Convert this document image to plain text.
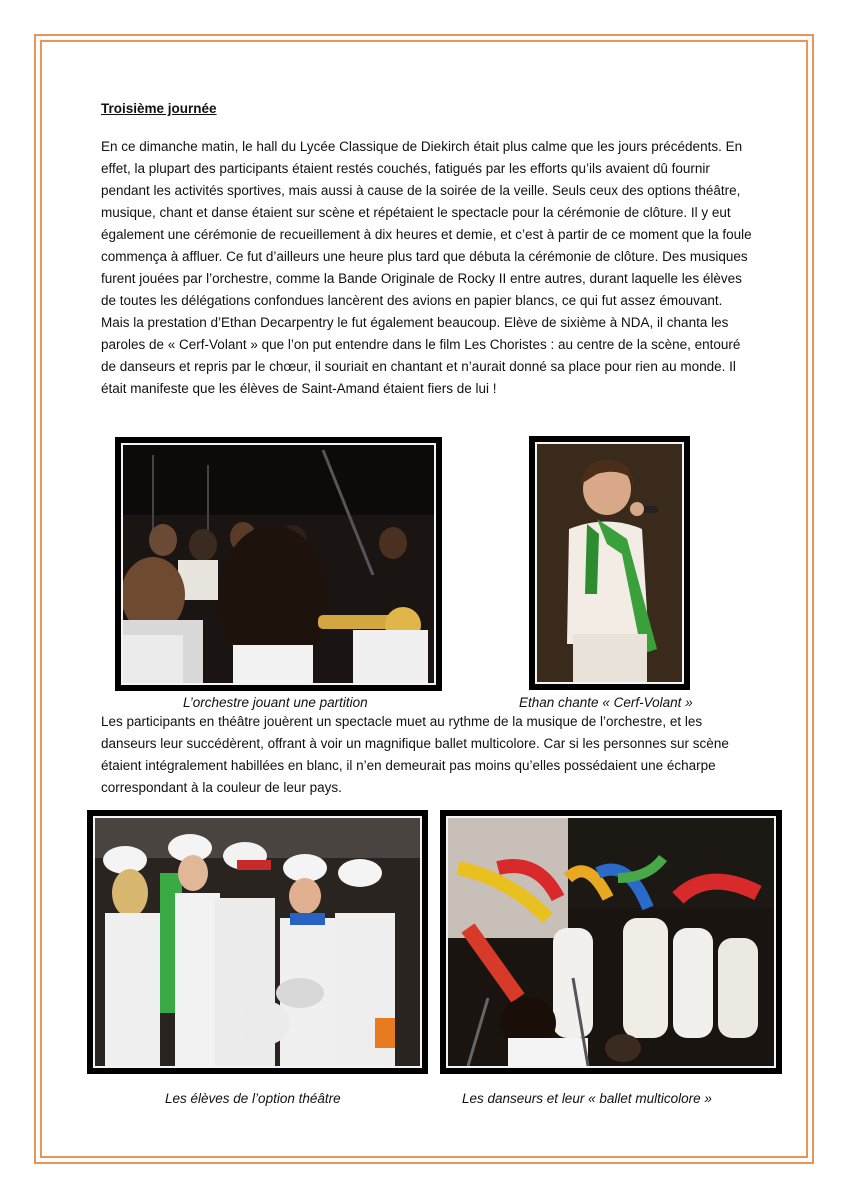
Troisième journée

En ce dimanche matin, le hall du Lycée Classique de Diekirch était plus calme que les jours précédents. En effet, la plupart des participants étaient restés couchés, fatigués par les efforts qu’ils avaient dû fournir pendant les activités sportives, mais aussi à cause de la soirée de la veille. Seuls ceux des options théâtre, musique, chant et danse étaient sur scène et répétaient le spectacle pour la cérémonie de clôture. Il y eut également une cérémonie de recueillement à dix heures et demie, et c’est à partir de ce moment que la foule commença à affluer. Ce fut d’ailleurs une heure plus tard que débuta la cérémonie de clôture. Des musiques furent jouées par l’orchestre, comme la Bande Originale de Rocky II entre autres, durant laquelle les élèves de toutes les délégations confondues lancèrent des avions en papier blancs, ce qui fut assez émouvant. Mais la prestation d’Ethan Decarpentry le fut également beaucoup. Elève de sixième à NDA, il chanta les paroles de « Cerf-Volant » que l’on put entendre dans le film Les Choristes : au centre de la scène, entouré de danseurs et repris par le chœur, il souriait en chantant et n’aurait donné sa place pour rien au monde. Il était manifeste que les élèves de Saint-Amand étaient fiers de lui !

L’orchestre jouant une partition	Ethan chante « Cerf-Volant »

Les participants en théâtre jouèrent un spectacle muet au rythme de la musique de l’orchestre, et les danseurs leur succédèrent, offrant à voir un magnifique ballet multicolore. Car si les personnes sur scène étaient intégralement habillées en blanc, il n’en demeurait pas moins qu’elles possédaient une écharpe correspondant à la couleur de leur pays.

Les élèves de l’option théâtre	Les danseurs et leur « ballet multicolore »
